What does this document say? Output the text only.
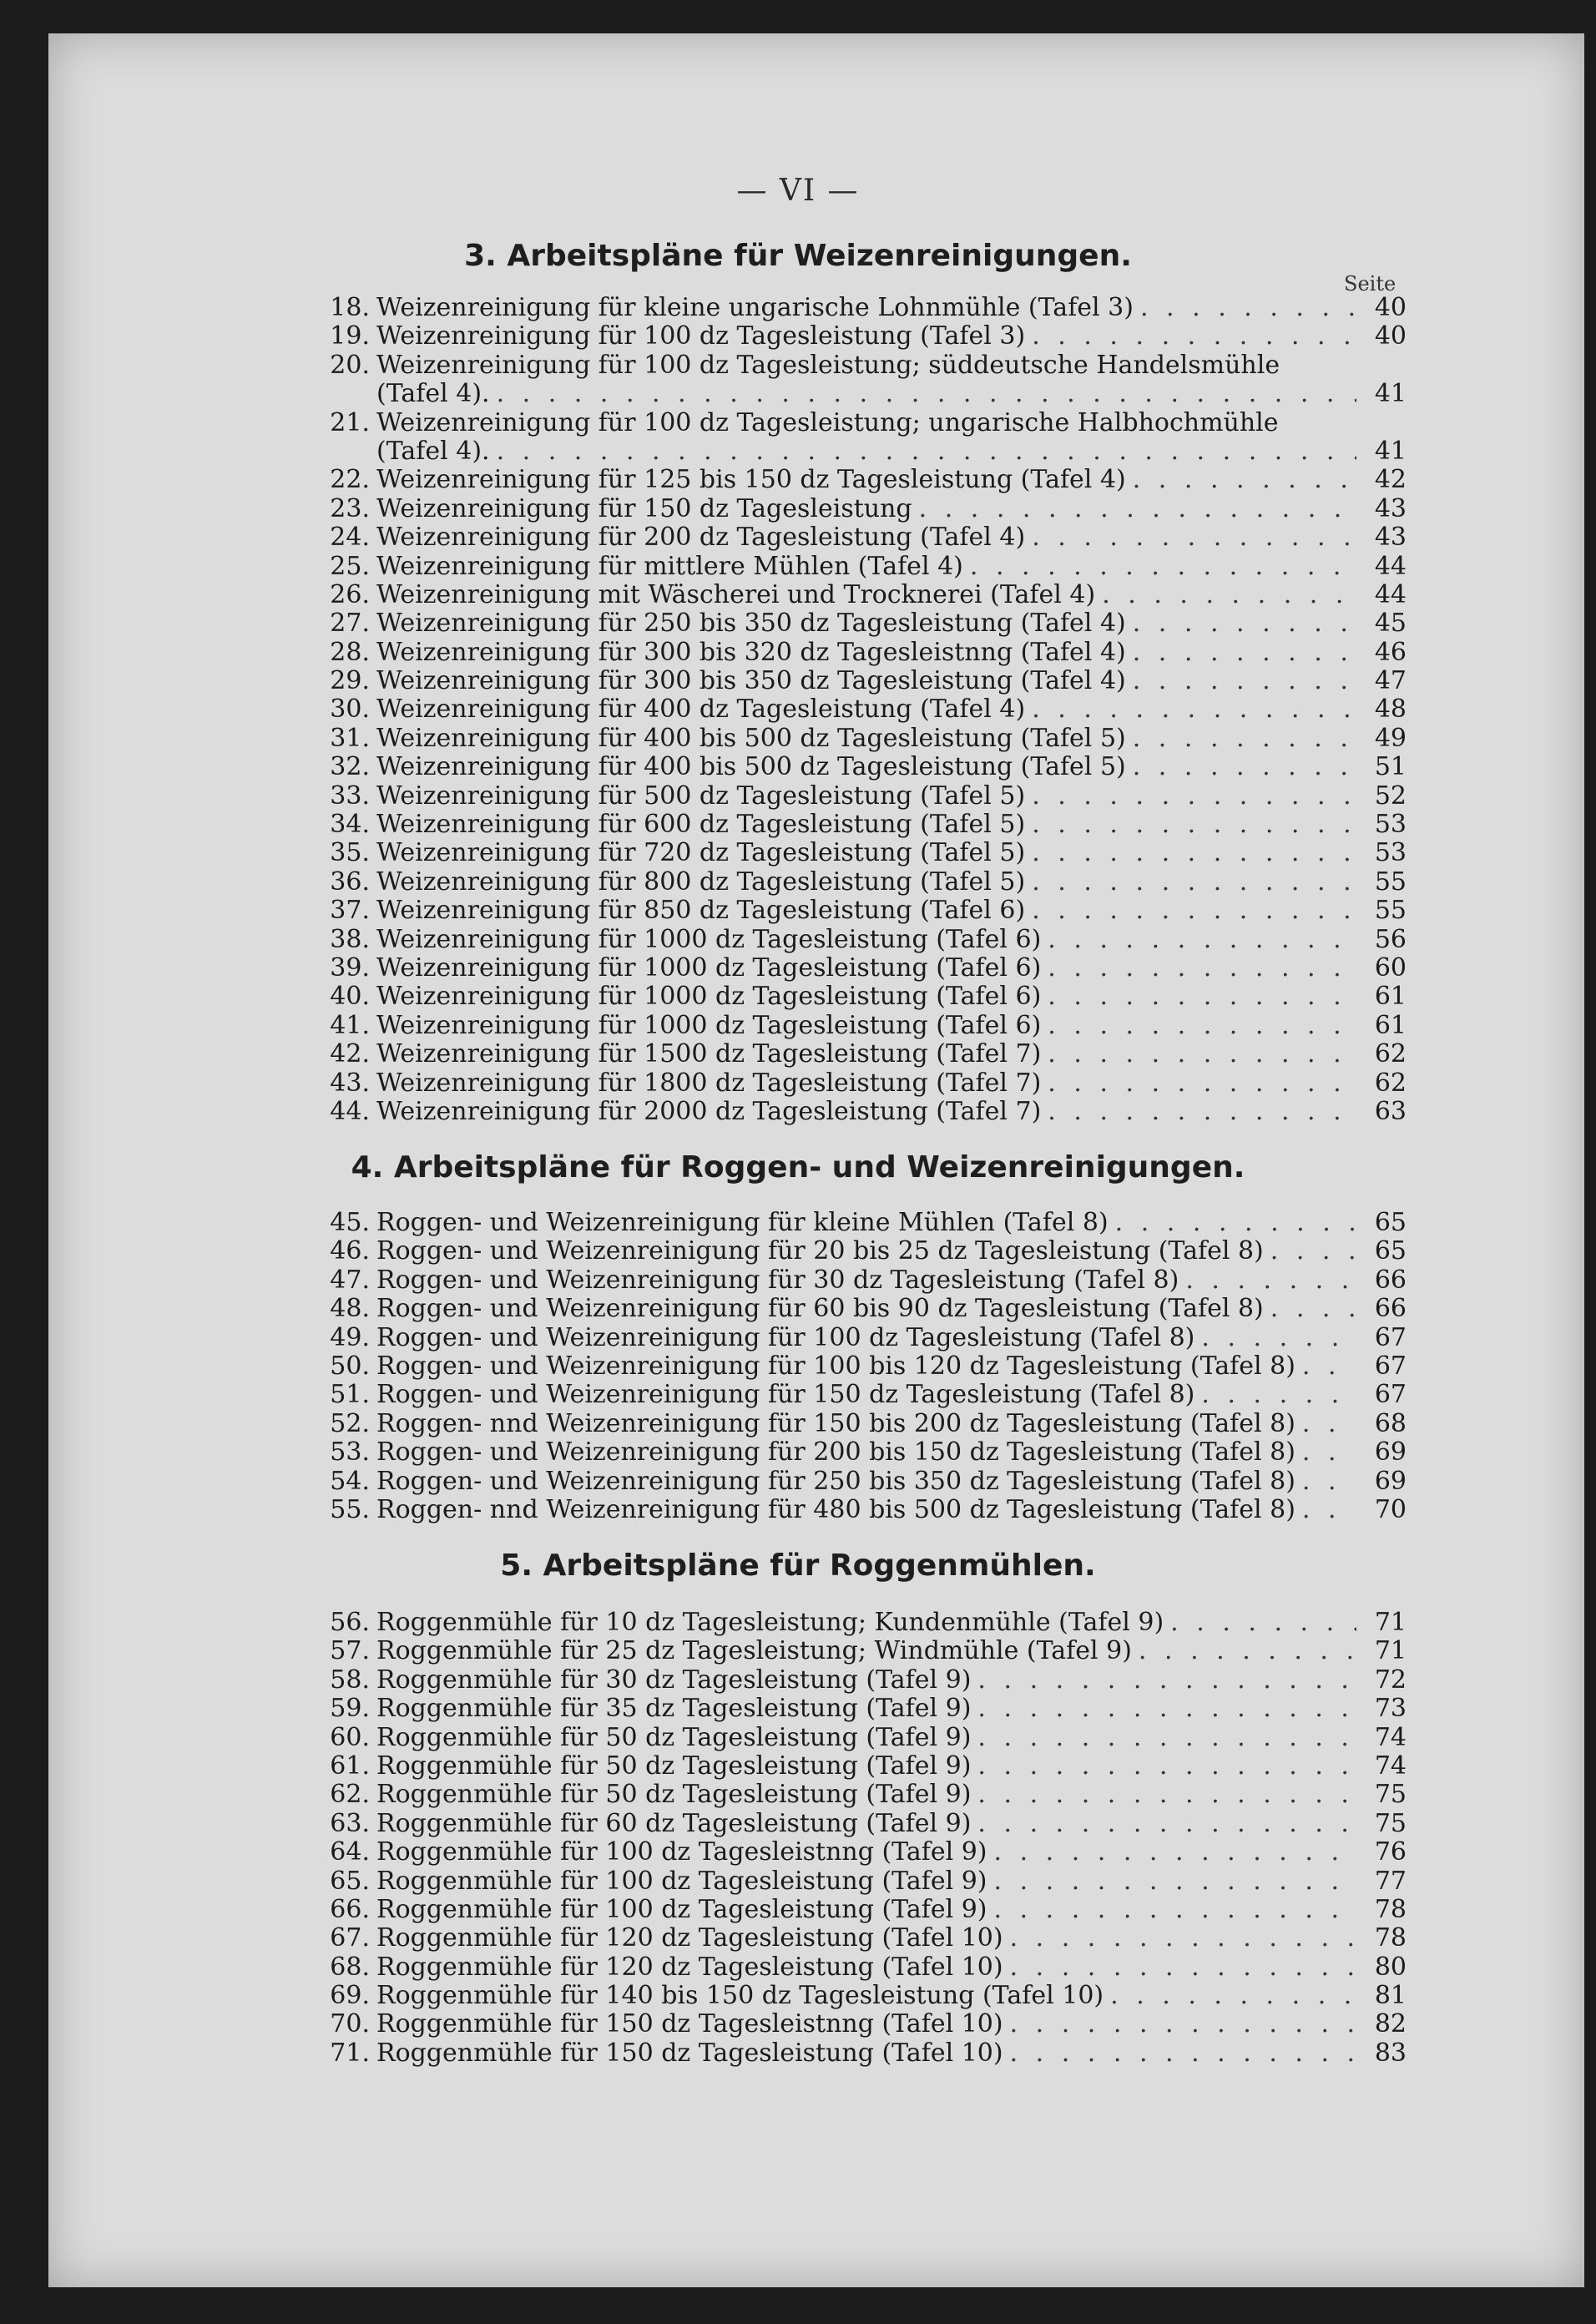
— VI —
3. Arbeitspläne für Weizenreinigungen.
Seite
18. Weizenreinigung für kleine ungarische Lohnmühle (Tafel 3) . . .	40
19. Weizenreinigung für 100 dz Tagesleistung (Tafel 3) . . .	40
20. Weizenreinigung für 100 dz Tagesleistung; süddeutsche Handelsmühle
(Tafel 4). . . .	41
21. Weizenreinigung für 100 dz Tagesleistung; ungarische Halbhochmühle
(Tafel 4). . . .	41
22. Weizenreinigung für 125 bis 150 dz Tagesleistung (Tafel 4) . . .	42
23. Weizenreinigung für 150 dz Tagesleistung . . .	43
24. Weizenreinigung für 200 dz Tagesleistung (Tafel 4) . . .	43
25. Weizenreinigung für mittlere Mühlen (Tafel 4) . . .	44
26. Weizenreinigung mit Wäscherei und Trocknerei (Tafel 4) . . .	44
27. Weizenreinigung für 250 bis 350 dz Tagesleistung (Tafel 4) . . .	45
28. Weizenreinigung für 300 bis 320 dz Tagesleistnng (Tafel 4) . . .	46
29. Weizenreinigung für 300 bis 350 dz Tagesleistung (Tafel 4) . . .	47
30. Weizenreinigung für 400 dz Tagesleistung (Tafel 4) . . .	48
31. Weizenreinigung für 400 bis 500 dz Tagesleistung (Tafel 5) . . .	49
32. Weizenreinigung für 400 bis 500 dz Tagesleistung (Tafel 5) . . .	51
33. Weizenreinigung für 500 dz Tagesleistung (Tafel 5) . . .	52
34. Weizenreinigung für 600 dz Tagesleistung (Tafel 5) . . .	53
35. Weizenreinigung für 720 dz Tagesleistung (Tafel 5) . . .	53
36. Weizenreinigung für 800 dz Tagesleistung (Tafel 5) . . .	55
37. Weizenreinigung für 850 dz Tagesleistung (Tafel 6) . . .	55
38. Weizenreinigung für 1000 dz Tagesleistung (Tafel 6) . . .	56
39. Weizenreinigung für 1000 dz Tagesleistung (Tafel 6) . . .	60
40. Weizenreinigung für 1000 dz Tagesleistung (Tafel 6) . . .	61
41. Weizenreinigung für 1000 dz Tagesleistung (Tafel 6) . . .	61
42. Weizenreinigung für 1500 dz Tagesleistung (Tafel 7) . . .	62
43. Weizenreinigung für 1800 dz Tagesleistung (Tafel 7) . . .	62
44. Weizenreinigung für 2000 dz Tagesleistung (Tafel 7) . . .	63
4. Arbeitspläne für Roggen- und Weizenreinigungen.
45. Roggen- und Weizenreinigung für kleine Mühlen (Tafel 8) . . .	65
46. Roggen- und Weizenreinigung für 20 bis 25 dz Tagesleistung (Tafel 8) . . .	65
47. Roggen- und Weizenreinigung für 30 dz Tagesleistung (Tafel 8) . . .	66
48. Roggen- und Weizenreinigung für 60 bis 90 dz Tagesleistung (Tafel 8) . . .	66
49. Roggen- und Weizenreinigung für 100 dz Tagesleistung (Tafel 8) . . .	67
50. Roggen- und Weizenreinigung für 100 bis 120 dz Tagesleistung (Tafel 8) . . .	67
51. Roggen- und Weizenreinigung für 150 dz Tagesleistung (Tafel 8) . . .	67
52. Roggen- nnd Weizenreinigung für 150 bis 200 dz Tagesleistung (Tafel 8) . . .	68
53. Roggen- und Weizenreinigung für 200 bis 150 dz Tagesleistung (Tafel 8) . . .	69
54. Roggen- und Weizenreinigung für 250 bis 350 dz Tagesleistung (Tafel 8) . . .	69
55. Roggen- nnd Weizenreinigung für 480 bis 500 dz Tagesleistung (Tafel 8) . . .	70
5. Arbeitspläne für Roggenmühlen.
56. Roggenmühle für 10 dz Tagesleistung; Kundenmühle (Tafel 9) . . .	71
57. Roggenmühle für 25 dz Tagesleistung; Windmühle (Tafel 9) . . .	71
58. Roggenmühle für 30 dz Tagesleistung (Tafel 9) . . .	72
59. Roggenmühle für 35 dz Tagesleistung (Tafel 9) . . .	73
60. Roggenmühle für 50 dz Tagesleistung (Tafel 9) . . .	74
61. Roggenmühle für 50 dz Tagesleistung (Tafel 9) . . .	74
62. Roggenmühle für 50 dz Tagesleistung (Tafel 9) . . .	75
63. Roggenmühle für 60 dz Tagesleistung (Tafel 9) . . .	75
64. Roggenmühle für 100 dz Tagesleistnng (Tafel 9) . . .	76
65. Roggenmühle für 100 dz Tagesleistung (Tafel 9) . . .	77
66. Roggenmühle für 100 dz Tagesleistung (Tafel 9) . . .	78
67. Roggenmühle für 120 dz Tagesleistung (Tafel 10) . . .	78
68. Roggenmühle für 120 dz Tagesleistung (Tafel 10) . . .	80
69. Roggenmühle für 140 bis 150 dz Tagesleistung (Tafel 10) . . .	81
70. Roggenmühle für 150 dz Tagesleistnng (Tafel 10) . . .	82
71. Roggenmühle für 150 dz Tagesleistung (Tafel 10) . . .	83
